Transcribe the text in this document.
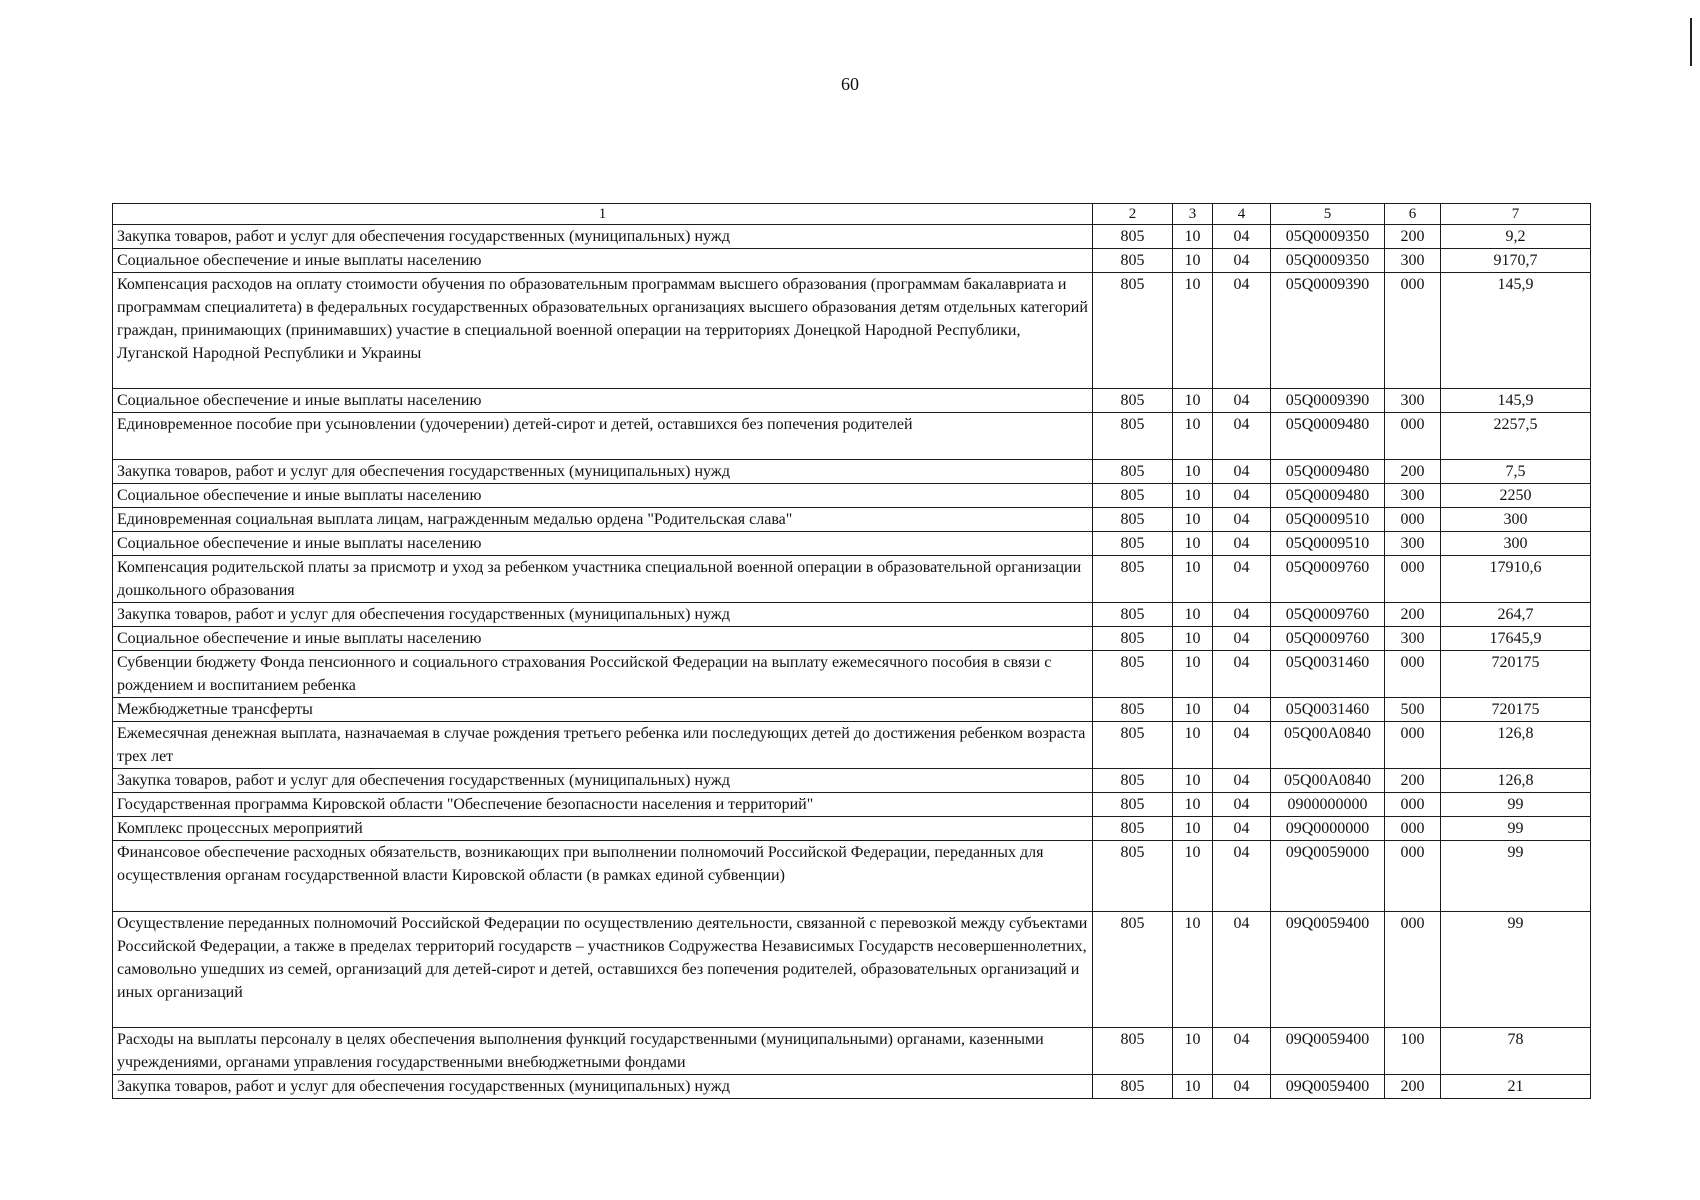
60
1	2	3	4	5	6	7
Закупка товаров, работ и услуг для обеспечения государственных (муниципальных) нужд	805	10	04	05Q0009350	200	9,2
Социальное обеспечение и иные выплаты населению	805	10	04	05Q0009350	300	9170,7
Компенсация расходов на оплату стоимости обучения по образовательным программам высшего образования (программам бакалавриата и программам специалитета) в федеральных государственных образовательных организациях высшего образования детям отдельных категорий граждан, принимающих (принимавших) участие в специальной военной операции на территориях Донецкой Народной Республики, Луганской Народной Республики и Украины	805	10	04	05Q0009390	000	145,9
Социальное обеспечение и иные выплаты населению	805	10	04	05Q0009390	300	145,9
Единовременное пособие при усыновлении (удочерении) детей-сирот и детей, оставшихся без попечения родителей	805	10	04	05Q0009480	000	2257,5
Закупка товаров, работ и услуг для обеспечения государственных (муниципальных) нужд	805	10	04	05Q0009480	200	7,5
Социальное обеспечение и иные выплаты населению	805	10	04	05Q0009480	300	2250
Единовременная социальная выплата лицам, награжденным медалью ордена "Родительская слава"	805	10	04	05Q0009510	000	300
Социальное обеспечение и иные выплаты населению	805	10	04	05Q0009510	300	300
Компенсация родительской платы за присмотр и уход за ребенком участника специальной военной операции в образовательной организации дошкольного образования	805	10	04	05Q0009760	000	17910,6
Закупка товаров, работ и услуг для обеспечения государственных (муниципальных) нужд	805	10	04	05Q0009760	200	264,7
Социальное обеспечение и иные выплаты населению	805	10	04	05Q0009760	300	17645,9
Субвенции бюджету Фонда пенсионного и социального страхования Российской Федерации на выплату ежемесячного пособия в связи с рождением и воспитанием ребенка	805	10	04	05Q0031460	000	720175
Межбюджетные трансферты	805	10	04	05Q0031460	500	720175
Ежемесячная денежная выплата, назначаемая в случае рождения третьего ребенка или последующих детей до достижения ребенком возраста трех лет	805	10	04	05Q00A0840	000	126,8
Закупка товаров, работ и услуг для обеспечения государственных (муниципальных) нужд	805	10	04	05Q00A0840	200	126,8
Государственная программа Кировской области "Обеспечение безопасности населения и территорий"	805	10	04	0900000000	000	99
Комплекс процессных мероприятий	805	10	04	09Q0000000	000	99
Финансовое обеспечение расходных обязательств, возникающих при выполнении полномочий Российской Федерации, переданных для осуществления органам государственной власти Кировской области (в рамках единой субвенции)	805	10	04	09Q0059000	000	99
Осуществление переданных полномочий Российской Федерации по осуществлению деятельности, связанной с перевозкой между субъектами Российской Федерации, а также в пределах территорий государств – участников Содружества Независимых Государств несовершеннолетних, самовольно ушедших из семей, организаций для детей-сирот и детей, оставшихся без попечения родителей, образовательных организаций и иных организаций	805	10	04	09Q0059400	000	99
Расходы на выплаты персоналу в целях обеспечения выполнения функций государственными (муниципальными) органами, казенными учреждениями, органами управления государственными внебюджетными фондами	805	10	04	09Q0059400	100	78
Закупка товаров, работ и услуг для обеспечения государственных (муниципальных) нужд	805	10	04	09Q0059400	200	21
